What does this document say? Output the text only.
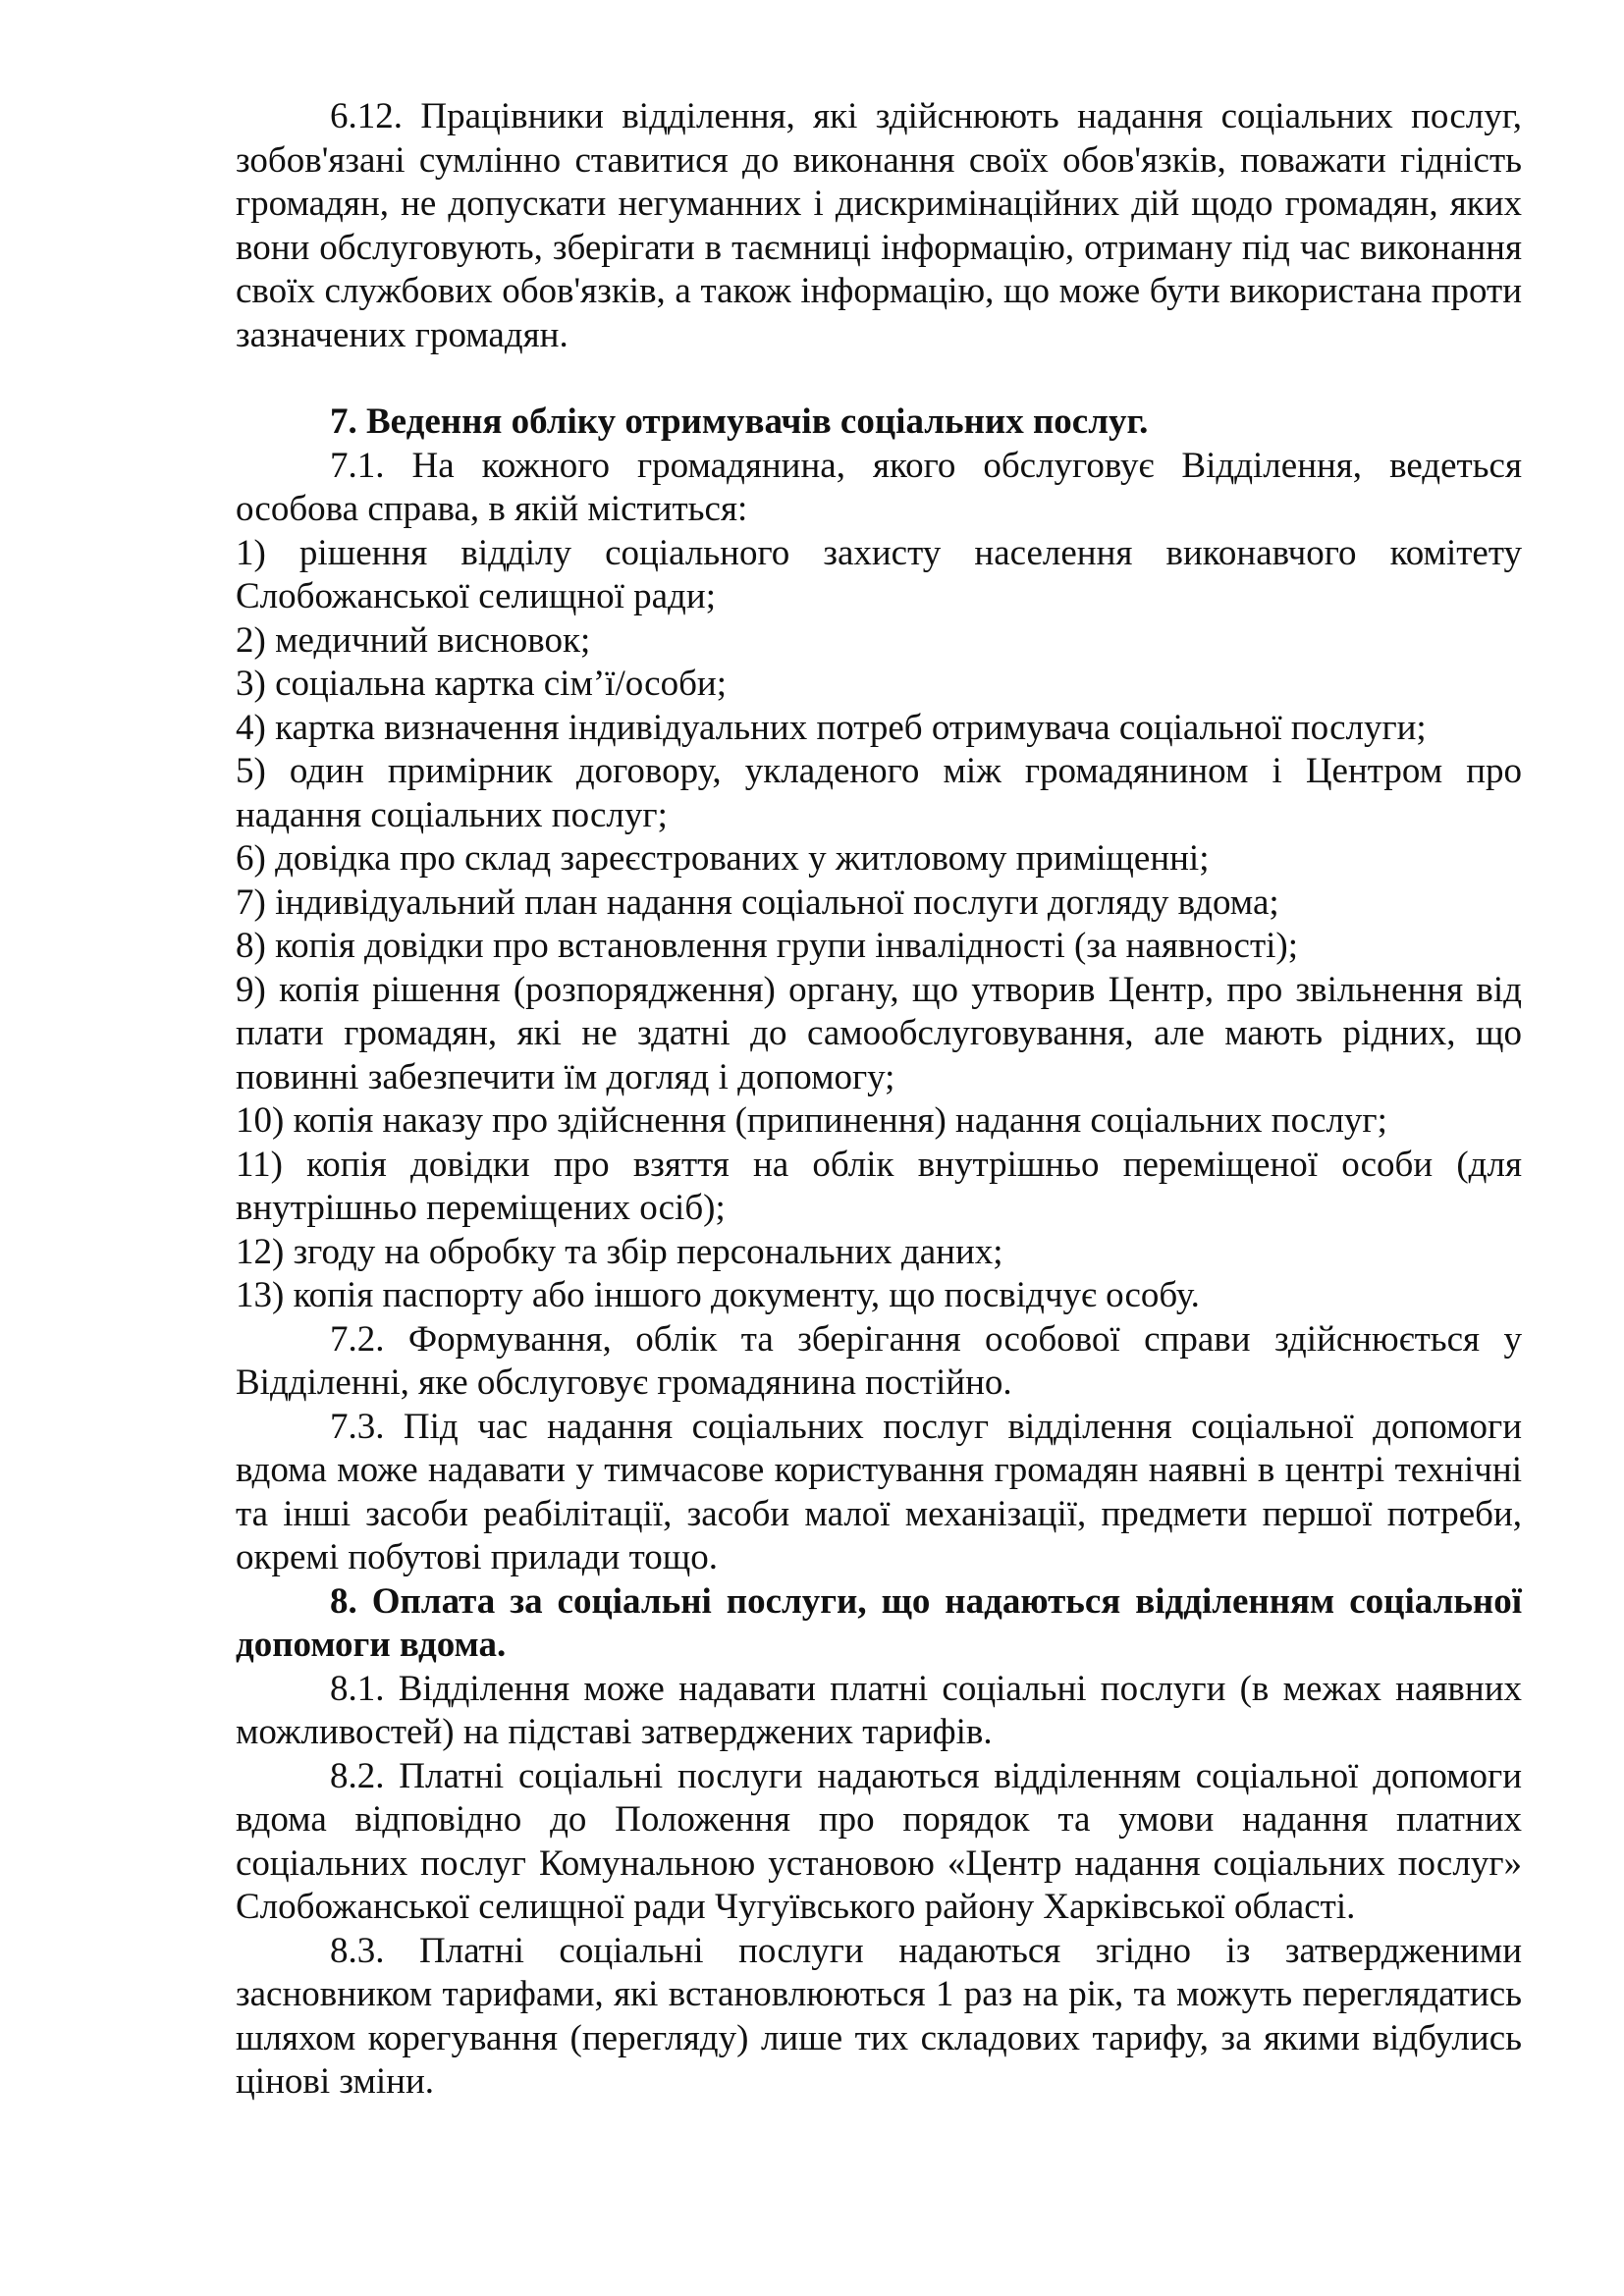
6.12. Працівники відділення, які здійснюють надання соціальних послуг, зобов'язані сумлінно ставитися до виконання своїх обов'язків, поважати гідність громадян, не допускати негуманних і дискримінаційних дій щодо громадян, яких вони обслуговують, зберігати в таємниці інформацію, отриману під час виконання своїх службових обов'язків, а також інформацію, що може бути використана проти зазначених громадян.

7. Ведення обліку отримувачів соціальних послуг.

7.1. На кожного громадянина, якого обслуговує Відділення, ведеться особова справа, в якій міститься:

1) рішення відділу соціального захисту населення виконавчого комітету Слобожанської селищної ради;
2) медичний висновок;
3) соціальна картка сім’ї/особи;
4) картка визначення індивідуальних потреб отримувача соціальної послуги;
5) один примірник договору, укладеного між громадянином і Центром про надання соціальних послуг;
6) довідка про склад зареєстрованих у житловому приміщенні;
7) індивідуальний план надання соціальної послуги догляду вдома;
8) копія довідки про встановлення групи інвалідності (за наявності);
9) копія рішення (розпорядження) органу, що утворив Центр, про звільнення від плати громадян, які не здатні до самообслуговування, але мають рідних, що повинні забезпечити їм догляд і допомогу;
10) копія наказу про здійснення (припинення) надання соціальних послуг;
11) копія довідки про взяття на облік внутрішньо переміщеної особи (для внутрішньо переміщених осіб);
12) згоду на обробку та збір персональних даних;
13) копія паспорту або іншого документу, що посвідчує особу.

7.2. Формування, облік та зберігання особової справи здійснюється у Відділенні, яке обслуговує громадянина постійно.

7.3. Під час надання соціальних послуг відділення соціальної допомоги вдома може надавати у тимчасове користування громадян наявні в центрі технічні та інші засоби реабілітації, засоби малої механізації, предмети першої потреби, окремі побутові прилади тощо.

8. Оплата за соціальні послуги, що надаються відділенням соціальної допомоги вдома.

8.1. Відділення може надавати платні соціальні послуги (в межах наявних можливостей) на підставі затверджених тарифів.

8.2. Платні соціальні послуги надаються відділенням соціальної допомоги вдома відповідно до Положення про порядок та умови надання платних соціальних послуг Комунальною установою «Центр надання соціальних послуг» Слобожанської селищної ради Чугуївського району Харківської області.

8.3. Платні соціальні послуги надаються згідно із затвердженими засновником тарифами, які встановлюються 1 раз на рік, та можуть переглядатись шляхом корегування (перегляду) лише тих складових тарифу, за якими відбулись цінові зміни.
